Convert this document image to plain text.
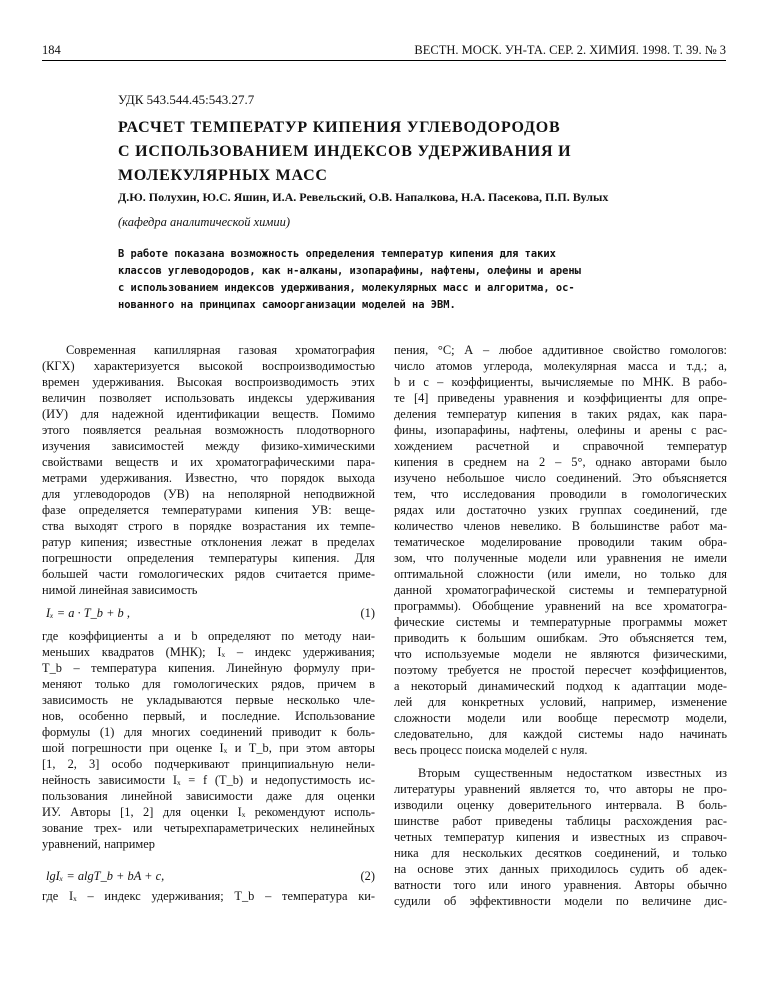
184	ВЕСТН. МОСК. УН-ТА. СЕР. 2. ХИМИЯ. 1998. Т. 39. № 3
УДК 543.544.45:543.27.7
РАСЧЕТ ТЕМПЕРАТУР КИПЕНИЯ УГЛЕВОДОРОДОВ
С ИСПОЛЬЗОВАНИЕМ ИНДЕКСОВ УДЕРЖИВАНИЯ И
МОЛЕКУЛЯРНЫХ МАСС
Д.Ю. Полухин, Ю.С. Яшин, И.А. Ревельский, О.В. Напалкова, Н.А. Пасекова, П.П. Вулых
(кафедра аналитической химии)
В работе показана возможность определения температур кипения для таких
классов углеводородов, как н-алканы, изопарафины, нафтены, олефины и арены
с использованием индексов удерживания, молекулярных масс и алгоритма, ос-
нованного на принципах самоорганизации моделей на ЭВМ.
Современная капиллярная газовая хроматография
(КГХ) характеризуется высокой воспроизводимостью
времен удерживания. Высокая воспроизводимость этих
величин позволяет использовать индексы удерживания
(ИУ) для надежной идентификации веществ. Помимо
этого появляется реальная возможность плодотворного
изучения зависимостей между физико-химическими
свойствами веществ и их хроматографическими пара-
метрами удерживания. Известно, что порядок выхода
для углеводородов (УВ) на неполярной неподвижной
фазе определяется температурами кипения УВ: веще-
ства выходят строго в порядке возрастания их темпе-
ратур кипения; известные отклонения лежат в пределах
погрешности определения температуры кипения. Для
большей части гомологических рядов считается приме-
нимой линейная зависимость
Iₓ = a · T_b + b ,	(1)
где коэффициенты a и b определяют по методу наи-
меньших квадратов (МНК); Iₓ – индекс удерживания;
T_b – температура кипения. Линейную формулу при-
меняют только для гомологических рядов, причем в
зависимость не укладываются первые несколько чле-
нов, особенно первый, и последние. Использование
формулы (1) для многих соединений приводит к боль-
шой погрешности при оценке Iₓ и T_b, при этом авторы
[1, 2, 3] особо подчеркивают принципиальную нели-
нейность зависимости Iₓ = f (T_b) и недопустимость ис-
пользования линейной зависимости даже для оценки
ИУ. Авторы [1, 2] для оценки Iₓ рекомендуют исполь-
зование трех- или четырехпараметрических нелинейных
уравнений, например
lgIₓ = algT_b + bA + c,	(2)
где Iₓ – индекс удерживания; T_b – температура ки-
пения, °С; А – любое аддитивное свойство гомологов:
число атомов углерода, молекулярная масса и т.д.; a,
b и c – коэффициенты, вычисляемые по МНК. В рабо-
те [4] приведены уравнения и коэффициенты для опре-
деления температур кипения в таких рядах, как пара-
фины, изопарафины, нафтены, олефины и арены с рас-
хождением расчетной и справочной температур
кипения в среднем на 2 – 5°, однако авторами было
изучено небольшое число соединений. Это объясняется
тем, что исследования проводили в гомологических
рядах или достаточно узких группах соединений, где
количество членов невелико. В большинстве работ ма-
тематическое моделирование проводили таким обра-
зом, что полученные модели или уравнения не имели
оптимальной сложности (или имели, но только для
данной хроматографической системы и температурной
программы). Обобщение уравнений на все хроматогра-
фические системы и температурные программы может
приводить к большим ошибкам. Это объясняется тем,
что используемые модели не являются физическими,
поэтому требуется не простой пересчет коэффициентов,
а некоторый динамический подход к адаптации моде-
лей для конкретных условий, например, изменение
сложности модели или вообще пересмотр модели,
следовательно, для каждой системы надо начинать
весь процесс поиска моделей с нуля.
Вторым существенным недостатком известных из
литературы уравнений является то, что авторы не про-
изводили оценку доверительного интервала. В боль-
шинстве работ приведены таблицы расхождения рас-
четных температур кипения и известных из справоч-
ника для нескольких десятков соединений, и только
на основе этих данных приходилось судить об адек-
ватности того или иного уравнения. Авторы обычно
судили об эффективности модели по величине дис-
